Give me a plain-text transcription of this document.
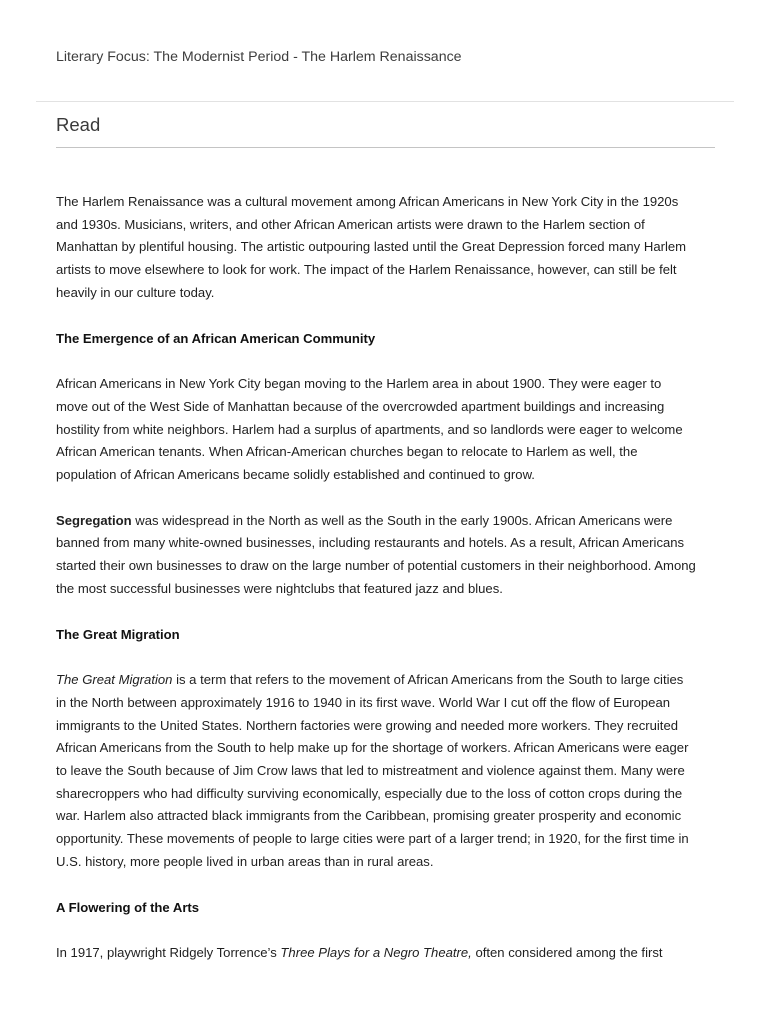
Literary Focus: The Modernist Period - The Harlem Renaissance
Read

The Harlem Renaissance was a cultural movement among African Americans in New York City in the 1920s and 1930s. Musicians, writers, and other African American artists were drawn to the Harlem section of Manhattan by plentiful housing. The artistic outpouring lasted until the Great Depression forced many Harlem artists to move elsewhere to look for work. The impact of the Harlem Renaissance, however, can still be felt heavily in our culture today.

The Emergence of an African American Community

African Americans in New York City began moving to the Harlem area in about 1900. They were eager to move out of the West Side of Manhattan because of the overcrowded apartment buildings and increasing hostility from white neighbors. Harlem had a surplus of apartments, and so landlords were eager to welcome African American tenants. When African-American churches began to relocate to Harlem as well, the population of African Americans became solidly established and continued to grow.

Segregation was widespread in the North as well as the South in the early 1900s. African Americans were banned from many white-owned businesses, including restaurants and hotels. As a result, African Americans started their own businesses to draw on the large number of potential customers in their neighborhood. Among the most successful businesses were nightclubs that featured jazz and blues.

The Great Migration

The Great Migration is a term that refers to the movement of African Americans from the South to large cities in the North between approximately 1916 to 1940 in its first wave. World War I cut off the flow of European immigrants to the United States. Northern factories were growing and needed more workers. They recruited African Americans from the South to help make up for the shortage of workers. African Americans were eager to leave the South because of Jim Crow laws that led to mistreatment and violence against them. Many were sharecroppers who had difficulty surviving economically, especially due to the loss of cotton crops during the war. Harlem also attracted black immigrants from the Caribbean, promising greater prosperity and economic opportunity. These movements of people to large cities were part of a larger trend; in 1920, for the first time in U.S. history, more people lived in urban areas than in rural areas.

A Flowering of the Arts

In 1917, playwright Ridgely Torrence’s Three Plays for a Negro Theatre, often considered among the first
